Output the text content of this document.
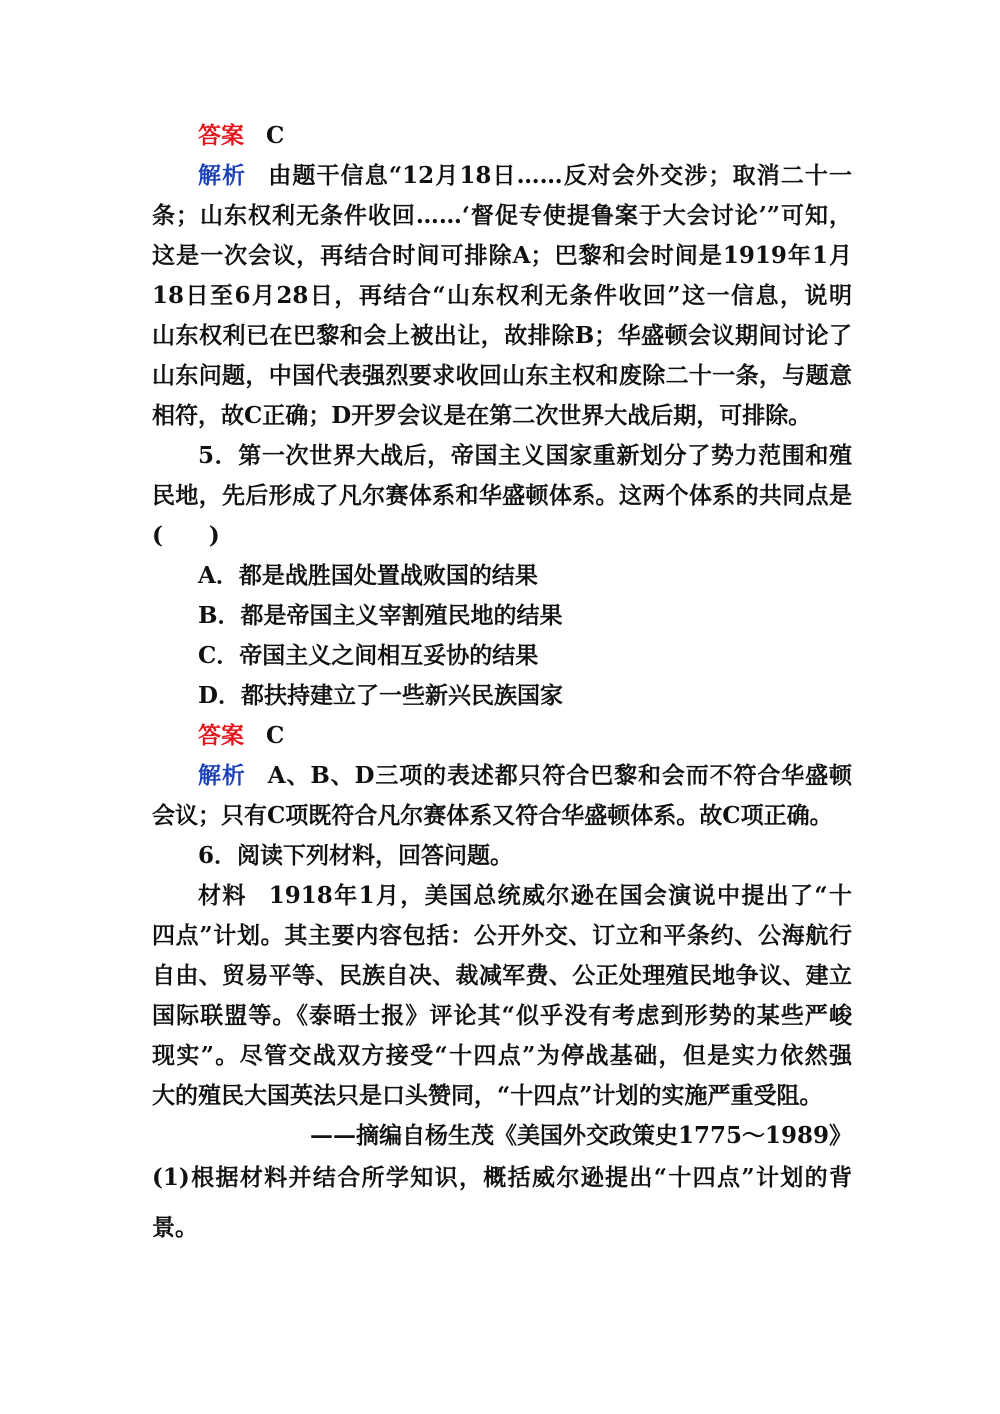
答案 C
解析 由题干信息“12月18日……反对会外交涉；取消二十一
条；山东权利无条件收回……‘督促专使提鲁案于大会讨论’”可知，
这是一次会议，再结合时间可排除A；巴黎和会时间是1919年1月
18日至6月28日，再结合“山东权利无条件收回”这一信息，说明
山东权利已在巴黎和会上被出让，故排除B；华盛顿会议期间讨论了
山东问题，中国代表强烈要求收回山东主权和废除二十一条，与题意
相符，故C正确；D开罗会议是在第二次世界大战后期，可排除。
5．第一次世界大战后，帝国主义国家重新划分了势力范围和殖
民地，先后形成了凡尔赛体系和华盛顿体系。这两个体系的共同点是
(　　)
A．都是战胜国处置战败国的结果
B．都是帝国主义宰割殖民地的结果
C．帝国主义之间相互妥协的结果
D．都扶持建立了一些新兴民族国家
答案 C
解析 A、B、D三项的表述都只符合巴黎和会而不符合华盛顿
会议；只有C项既符合凡尔赛体系又符合华盛顿体系。故C项正确。
6．阅读下列材料，回答问题。
材料 1918年1月，美国总统威尔逊在国会演说中提出了“十
四点”计划。其主要内容包括：公开外交、订立和平条约、公海航行
自由、贸易平等、民族自决、裁减军费、公正处理殖民地争议、建立
国际联盟等。《泰晤士报》评论其“似乎没有考虑到形势的某些严峻
现实”。尽管交战双方接受“十四点”为停战基础，但是实力依然强
大的殖民大国英法只是口头赞同，“十四点”计划的实施严重受阻。
——摘编自杨生茂《美国外交政策史1775～1989》
(1)根据材料并结合所学知识，概括威尔逊提出“十四点”计划的背
景。
